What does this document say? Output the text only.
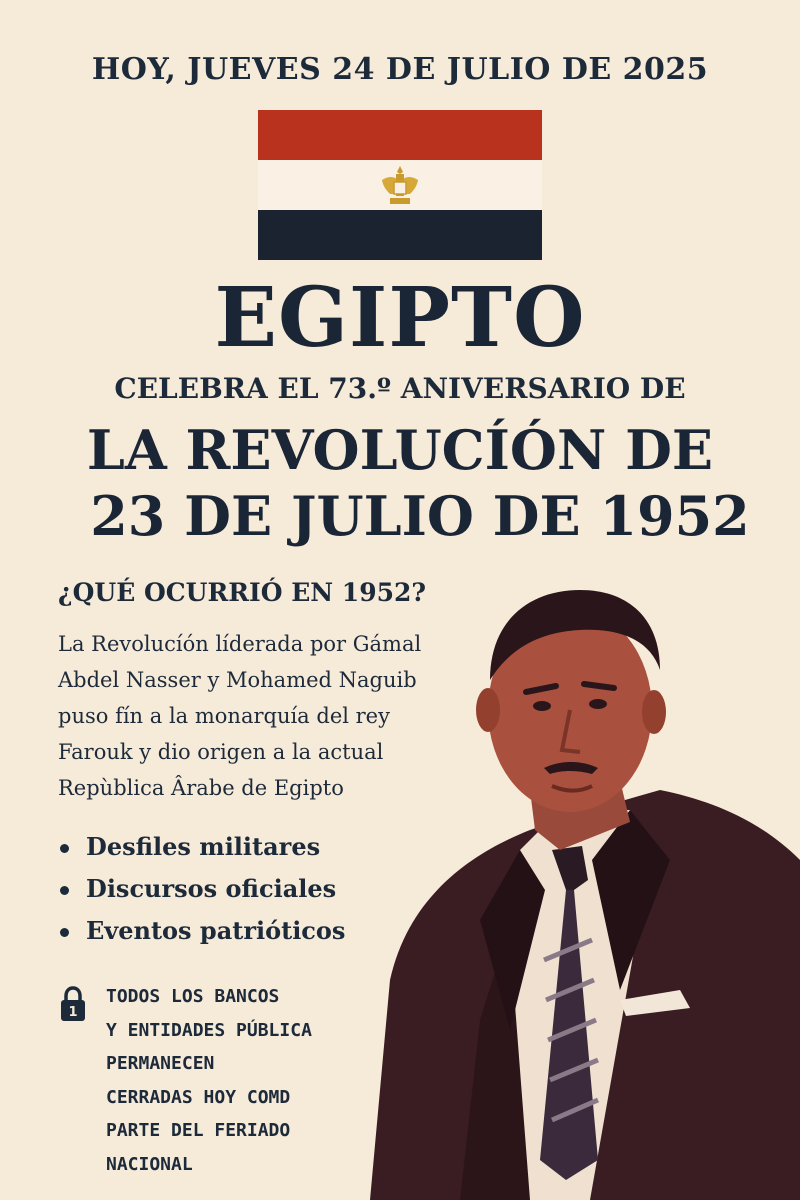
HOY, JUEVES 24 DE JULIO DE 2025
EGIPTO
CELEBRA EL 73.º ANIVERSARIO DE
LA REVOLUCÍÓN DE
23 DE JULIO DE 1952
¿QUÉ OCURRIÓ EN 1952?
La Revolucíón líderada por Gámal
Abdel Nasser y Mohamed Naguib
puso fín a la monarquía del rey
Farouk y dio origen a la actual
Repùblica Ârabe de Egipto
Desfiles militares
Discursos oficiales
Eventos patrióticos
1
TODOS LOS BANCOS
Y ENTIDADES PÚBLICA
PERMANECEN
CERRADAS HOY COMD
PARTE DEL FERIADO
NACIONAL
